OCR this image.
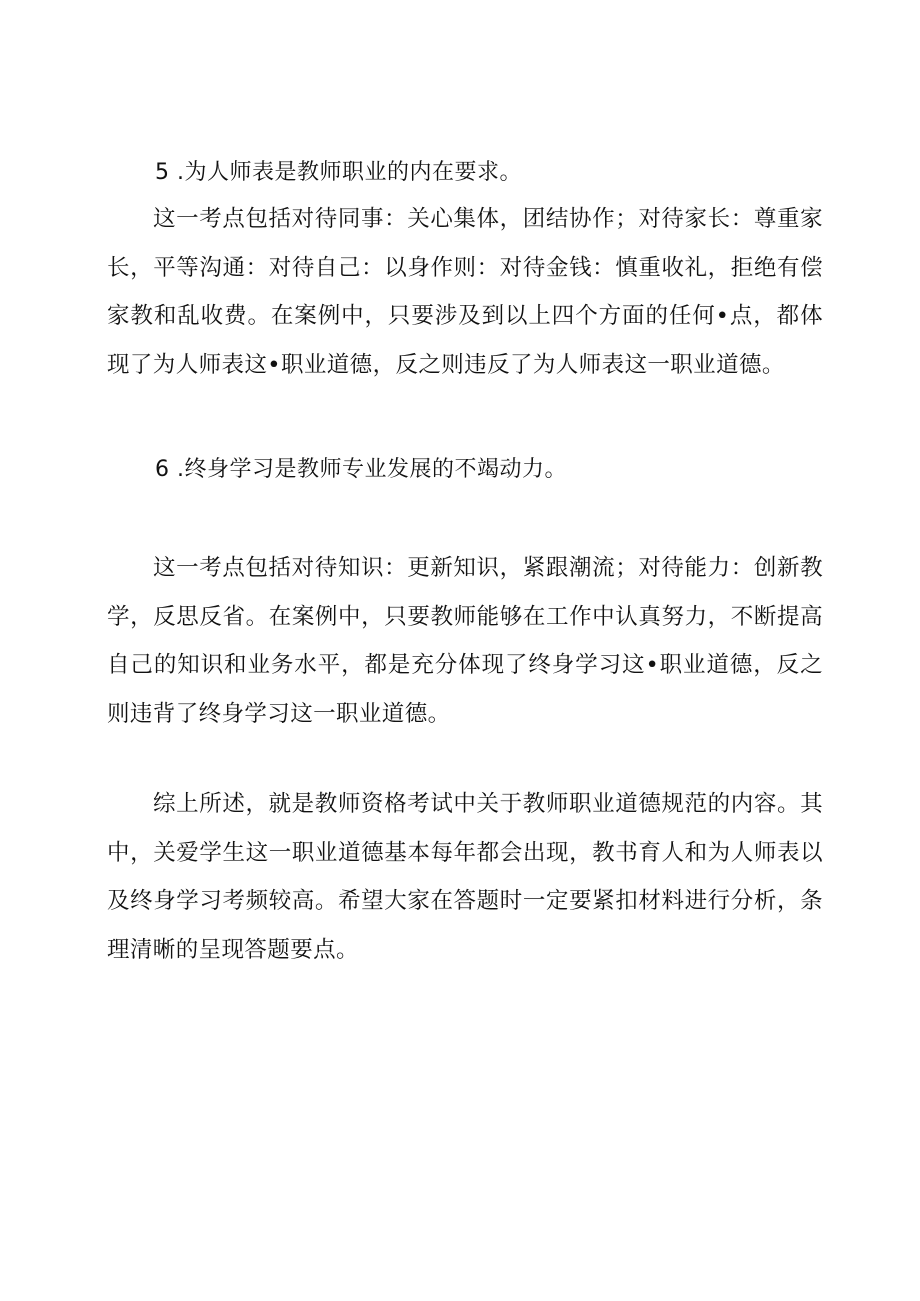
5 .为人师表是教师职业的内在要求。
这一考点包括对待同事：关心集体，团结协作；对待家长：尊重家长，平等沟通：对待自己：以身作则：对待金钱：慎重收礼，拒绝有偿家教和乱收费。在案例中，只要涉及到以上四个方面的任何•点，都体现了为人师表这•职业道德，反之则违反了为人师表这一职业道德。
6 .终身学习是教师专业发展的不竭动力。
这一考点包括对待知识：更新知识，紧跟潮流；对待能力：创新教学，反思反省。在案例中，只要教师能够在工作中认真努力，不断提高自己的知识和业务水平，都是充分体现了终身学习这•职业道德，反之则违背了终身学习这一职业道德。
综上所述，就是教师资格考试中关于教师职业道德规范的内容。其中，关爱学生这一职业道德基本每年都会出现，教书育人和为人师表以及终身学习考频较高。希望大家在答题时一定要紧扣材料进行分析，条理清晰的呈现答题要点。
